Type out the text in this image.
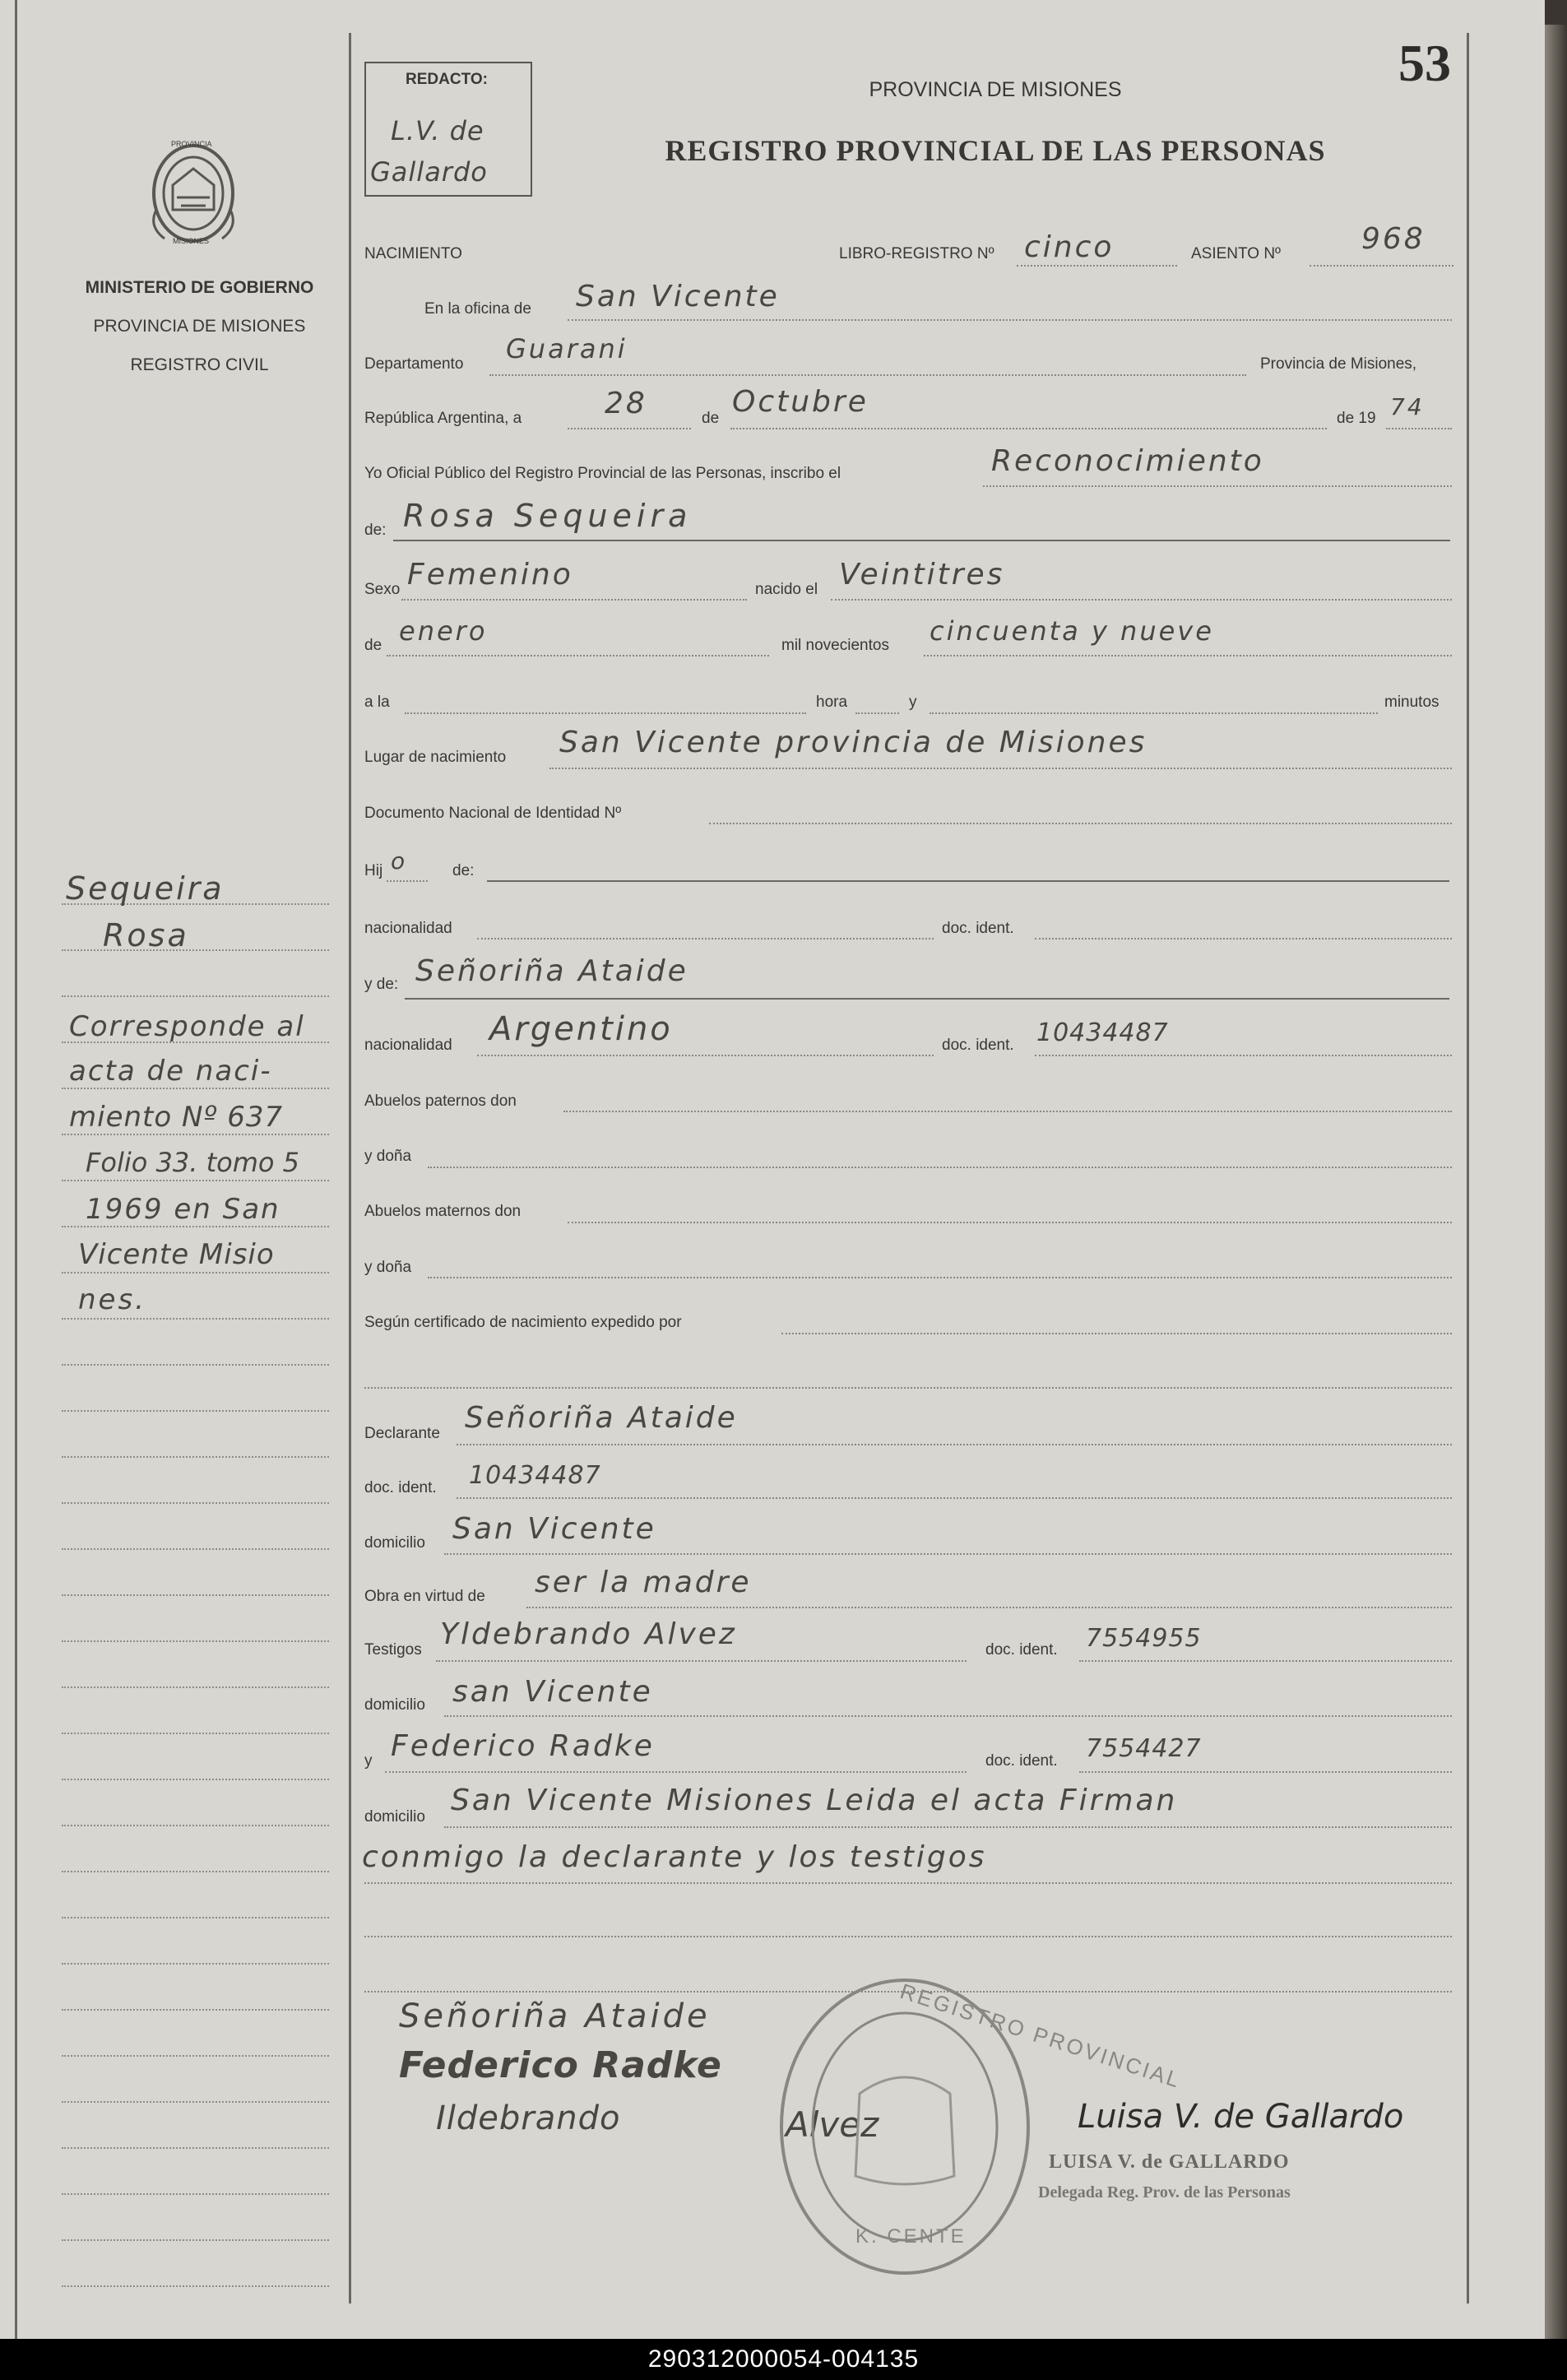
53
PROVINCIA
MISIONES
MINISTERIO DE GOBIERNO
PROVINCIA DE MISIONES
REGISTRO CIVIL
REDACTO:
L.V. de
Gallardo
PROVINCIA DE MISIONES
REGISTRO PROVINCIAL DE LAS PERSONAS
NACIMIENTO	LIBRO-REGISTRO Nº cinco	ASIENTO Nº	968
En la oficina de San Vicente
Departamento Guarani	Provincia de Misiones,
República Argentina, a	28	de Octubre	de 19 74
Yo Oficial Público del Registro Provincial de las Personas, inscribo el	Reconocimiento
de: Rosa Sequeira
Sexo Femenino	nacido el Veintitres
de enero	mil novecientos cincuenta y nueve
a la	hora	y	minutos
Lugar de nacimiento San Vicente provincia de Misiones
Documento Nacional de Identidad Nº
Hij o	de:
nacionalidad	doc. ident.
y de: Señoriña Ataide
nacionalidad Argentino	doc. ident. 10434487
Abuelos paternos don
y doña
Abuelos maternos don
y doña
Según certificado de nacimiento expedido por
Declarante Señoriña Ataide
doc. ident. 10434487
domicilio San Vicente
Obra en virtud de ser la madre
Testigos Yldebrando Alvez	doc. ident. 7554955
domicilio san Vicente
y Federico Radke	doc. ident. 7554427
domicilio San Vicente Misiones Leida el acta Firman
conmigo la declarante y los testigos
Sequeira
Rosa
Corresponde al
acta de naci-
miento Nº 637
Folio 33. tomo 5
1969 en San
Vicente Misio
nes.
Señoriña Ataide
Federico Radke
Ildebrando	Alvez
REGISTRO PROVINCIAL
K. CENTE
Luisa V. de Gallardo
LUISA V. de GALLARDO
Delegada Reg. Prov. de las Personas
290312000054-004135
